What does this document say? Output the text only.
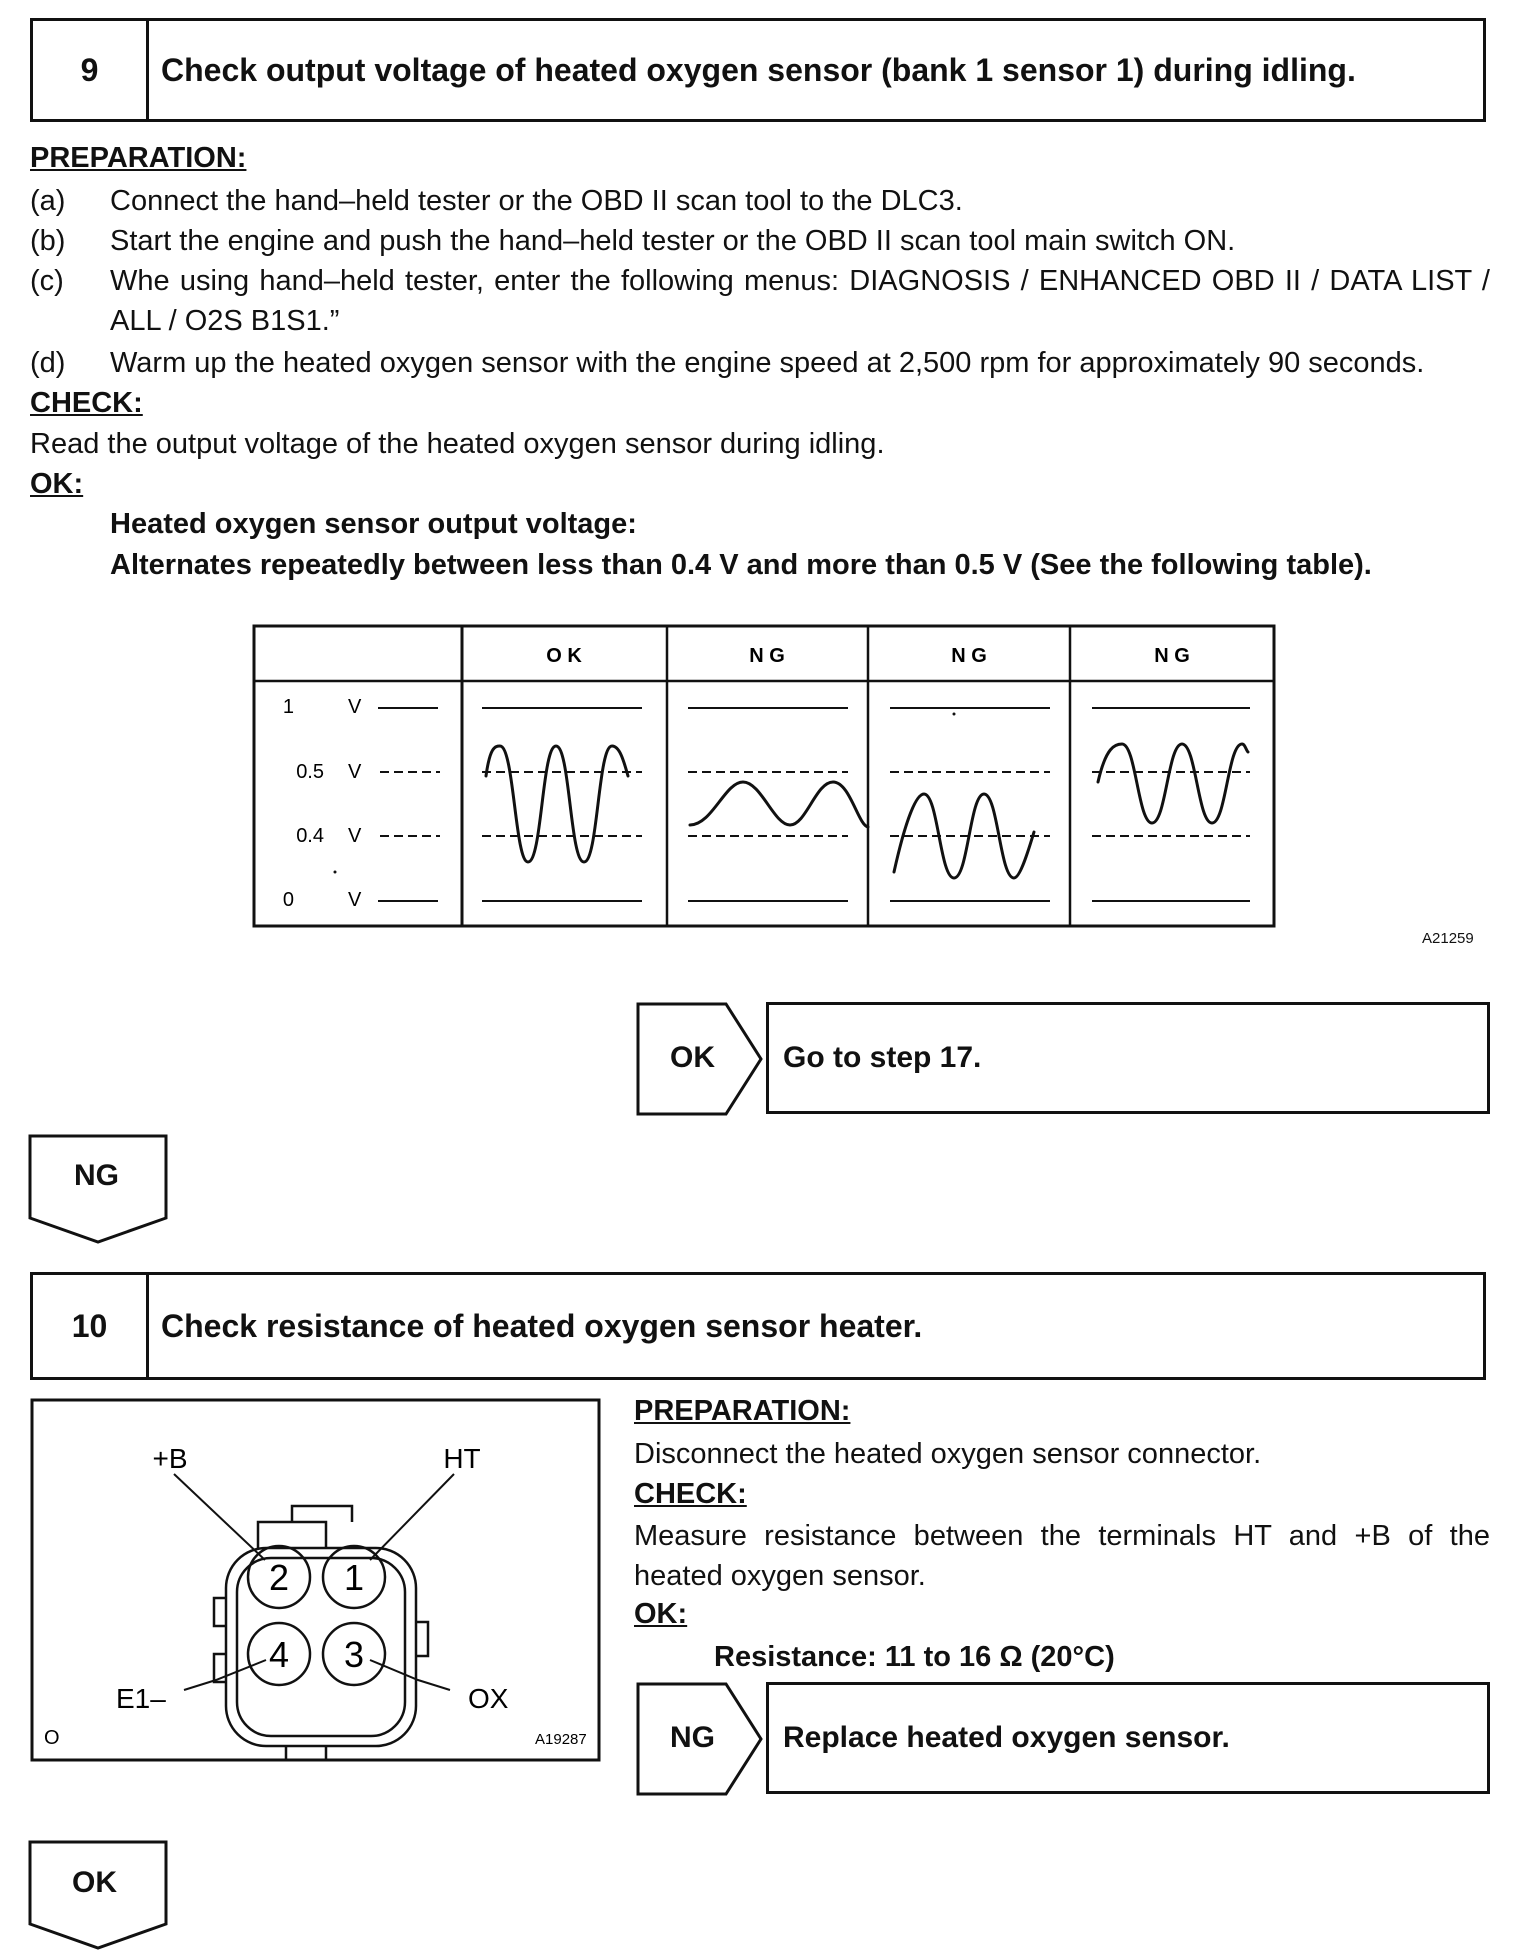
9	Check output voltage of heated oxygen sensor (bank 1 sensor 1) during idling.
PREPARATION:
(a) Connect the hand–held tester or the OBD II scan tool to the DLC3.
(b) Start the engine and push the hand–held tester or the OBD II scan tool main switch ON.
(c) Whe using hand–held tester, enter the following menus: DIAGNOSIS / ENHANCED OBD II / DATA LIST / ALL / O2S B1S1.”
(d) Warm up the heated oxygen sensor with the engine speed at 2,500 rpm for approximately 90 seconds.
CHECK:
Read the output voltage of the heated oxygen sensor during idling.
OK:
Heated oxygen sensor output voltage:
Alternates repeatedly between less than 0.4 V and more than 0.5 V (See the following table).
O K	N G	N G	N G
1	V
0.5 V
0.4 V
0	V
A21259
OK	Go to step 17.
NG
10	Check resistance of heated oxygen sensor heater.
2 1
4 3
+B	HT
E1–	OX
O	A19287
PREPARATION:
Disconnect the heated oxygen sensor connector.
CHECK:
Measure resistance between the terminals HT and +B of the
heated oxygen sensor.
OK:
Resistance: 11 to 16 Ω (20°C)
NG	Replace heated oxygen sensor.
OK
